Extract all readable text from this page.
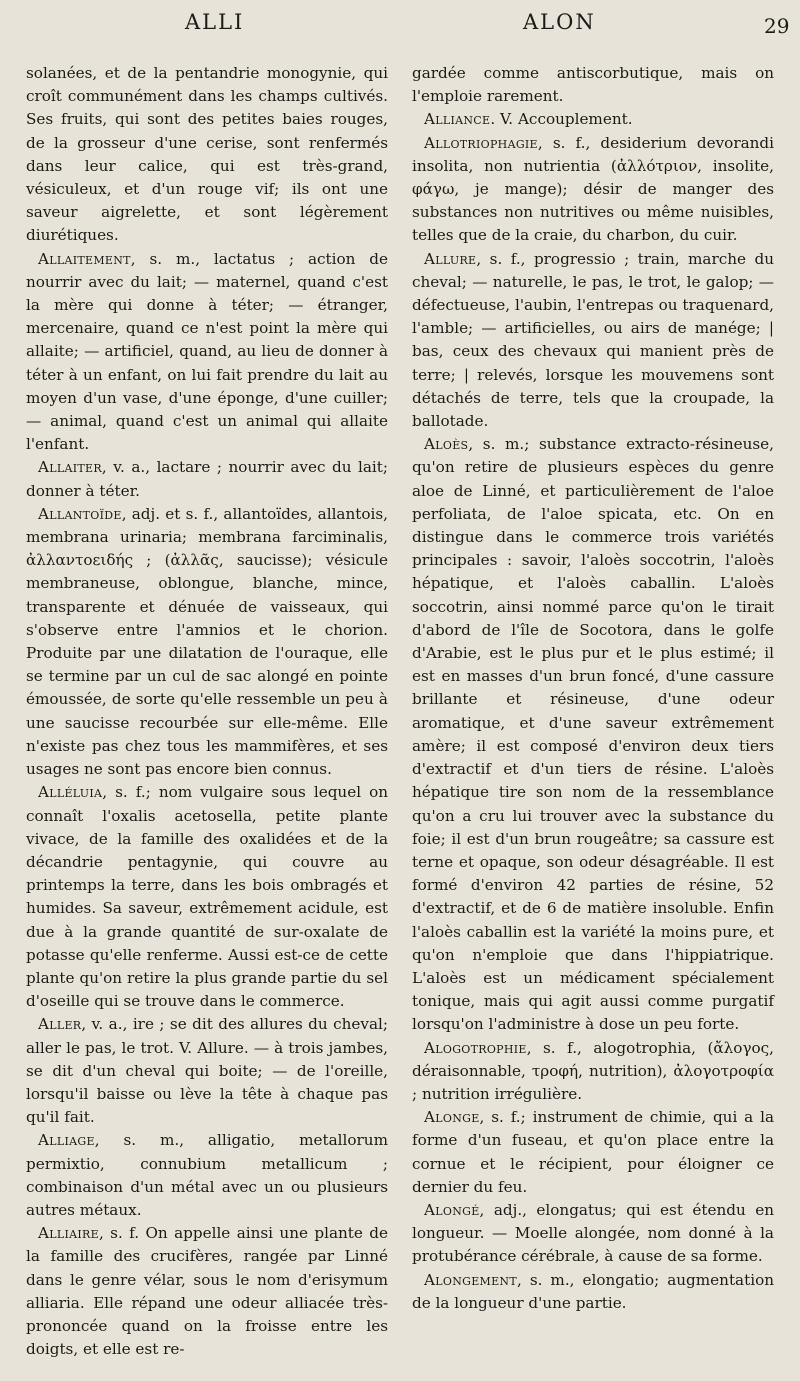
ALLI	ALON	29

solanées, et de la pentandrie monogynie, qui croît communément dans les champs cultivés. Ses fruits, qui sont des petites baies rouges, de la grosseur d'une cerise, sont renfermés dans leur calice, qui est très-grand, vésiculeux, et d'un rouge vif; ils ont une saveur aigrelette, et sont légèrement diurétiques.

Allaitement, s. m., lactatus ; action de nourrir avec du lait; — maternel, quand c'est la mère qui donne à téter; — étranger, mercenaire, quand ce n'est point la mère qui allaite; — artificiel, quand, au lieu de donner à téter à un enfant, on lui fait prendre du lait au moyen d'un vase, d'une éponge, d'une cuiller; — animal, quand c'est un animal qui allaite l'enfant.

Allaiter, v. a., lactare ; nourrir avec du lait; donner à téter.

Allantoïde, adj. et s. f., allantoïdes, allantois, membrana urinaria; membrana farciminalis, ἀλλαντοειδής ; (ἀλλᾶς, saucisse); vésicule membraneuse, oblongue, blanche, mince, transparente et dénuée de vaisseaux, qui s'observe entre l'amnios et le chorion. Produite par une dilatation de l'ouraque, elle se termine par un cul de sac alongé en pointe émoussée, de sorte qu'elle ressemble un peu à une saucisse recourbée sur elle-même. Elle n'existe pas chez tous les mammifères, et ses usages ne sont pas encore bien connus.

Alléluia, s. f.; nom vulgaire sous lequel on connaît l'oxalis acetosella, petite plante vivace, de la famille des oxalidées et de la décandrie pentagynie, qui couvre au printemps la terre, dans les bois ombragés et humides. Sa saveur, extrêmement acidule, est due à la grande quantité de sur-oxalate de potasse qu'elle renferme. Aussi est-ce de cette plante qu'on retire la plus grande partie du sel d'oseille qui se trouve dans le commerce.

Aller, v. a., ire ; se dit des allures du cheval; aller le pas, le trot. V. Allure. — à trois jambes, se dit d'un cheval qui boite; — de l'oreille, lorsqu'il baisse ou lève la tête à chaque pas qu'il fait.

Alliage, s. m., alligatio, metallorum permixtio, connubium metallicum ; combinaison d'un métal avec un ou plusieurs autres métaux.

Alliaire, s. f. On appelle ainsi une plante de la famille des crucifères, rangée par Linné dans le genre vélar, sous le nom d'erisymum alliaria. Elle répand une odeur alliacée très-prononcée quand on la froisse entre les doigts, et elle est re-

gardée comme antiscorbutique, mais on l'emploie rarement.

Alliance. V. Accouplement.

Allotriophagie, s. f., desiderium devorandi insolita, non nutrientia (ἀλλότριον, insolite, φάγω, je mange); désir de manger des substances non nutritives ou même nuisibles, telles que de la craie, du charbon, du cuir.

Allure, s. f., progressio ; train, marche du cheval; — naturelle, le pas, le trot, le galop; — défectueuse, l'aubin, l'entrepas ou traquenard, l'amble; — artificielles, ou airs de manége; | bas, ceux des chevaux qui manient près de terre; | relevés, lorsque les mouvemens sont détachés de terre, tels que la croupade, la ballotade.

Aloès, s. m.; substance extracto-résineuse, qu'on retire de plusieurs espèces du genre aloe de Linné, et particulièrement de l'aloe perfoliata, de l'aloe spicata, etc. On en distingue dans le commerce trois variétés principales : savoir, l'aloès soccotrin, l'aloès hépatique, et l'aloès caballin. L'aloès soccotrin, ainsi nommé parce qu'on le tirait d'abord de l'île de Socotora, dans le golfe d'Arabie, est le plus pur et le plus estimé; il est en masses d'un brun foncé, d'une cassure brillante et résineuse, d'une odeur aromatique, et d'une saveur extrêmement amère; il est composé d'environ deux tiers d'extractif et d'un tiers de résine. L'aloès hépatique tire son nom de la ressemblance qu'on a cru lui trouver avec la substance du foie; il est d'un brun rougeâtre; sa cassure est terne et opaque, son odeur désagréable. Il est formé d'environ 42 parties de résine, 52 d'extractif, et de 6 de matière insoluble. Enfin l'aloès caballin est la variété la moins pure, et qu'on n'emploie que dans l'hippiatrique. L'aloès est un médicament spécialement tonique, mais qui agit aussi comme purgatif lorsqu'on l'administre à dose un peu forte.

Alogotrophie, s. f., alogotrophia, (ἄλογος, déraisonnable, τροφή, nutrition), ἀλογοτροφία ; nutrition irrégulière.

Alonge, s. f.; instrument de chimie, qui a la forme d'un fuseau, et qu'on place entre la cornue et le récipient, pour éloigner ce dernier du feu.

Alongé, adj., elongatus; qui est étendu en longueur. — Moelle alongée, nom donné à la protubérance cérébrale, à cause de sa forme.

Alongement, s. m., elongatio; augmentation de la longueur d'une partie.
